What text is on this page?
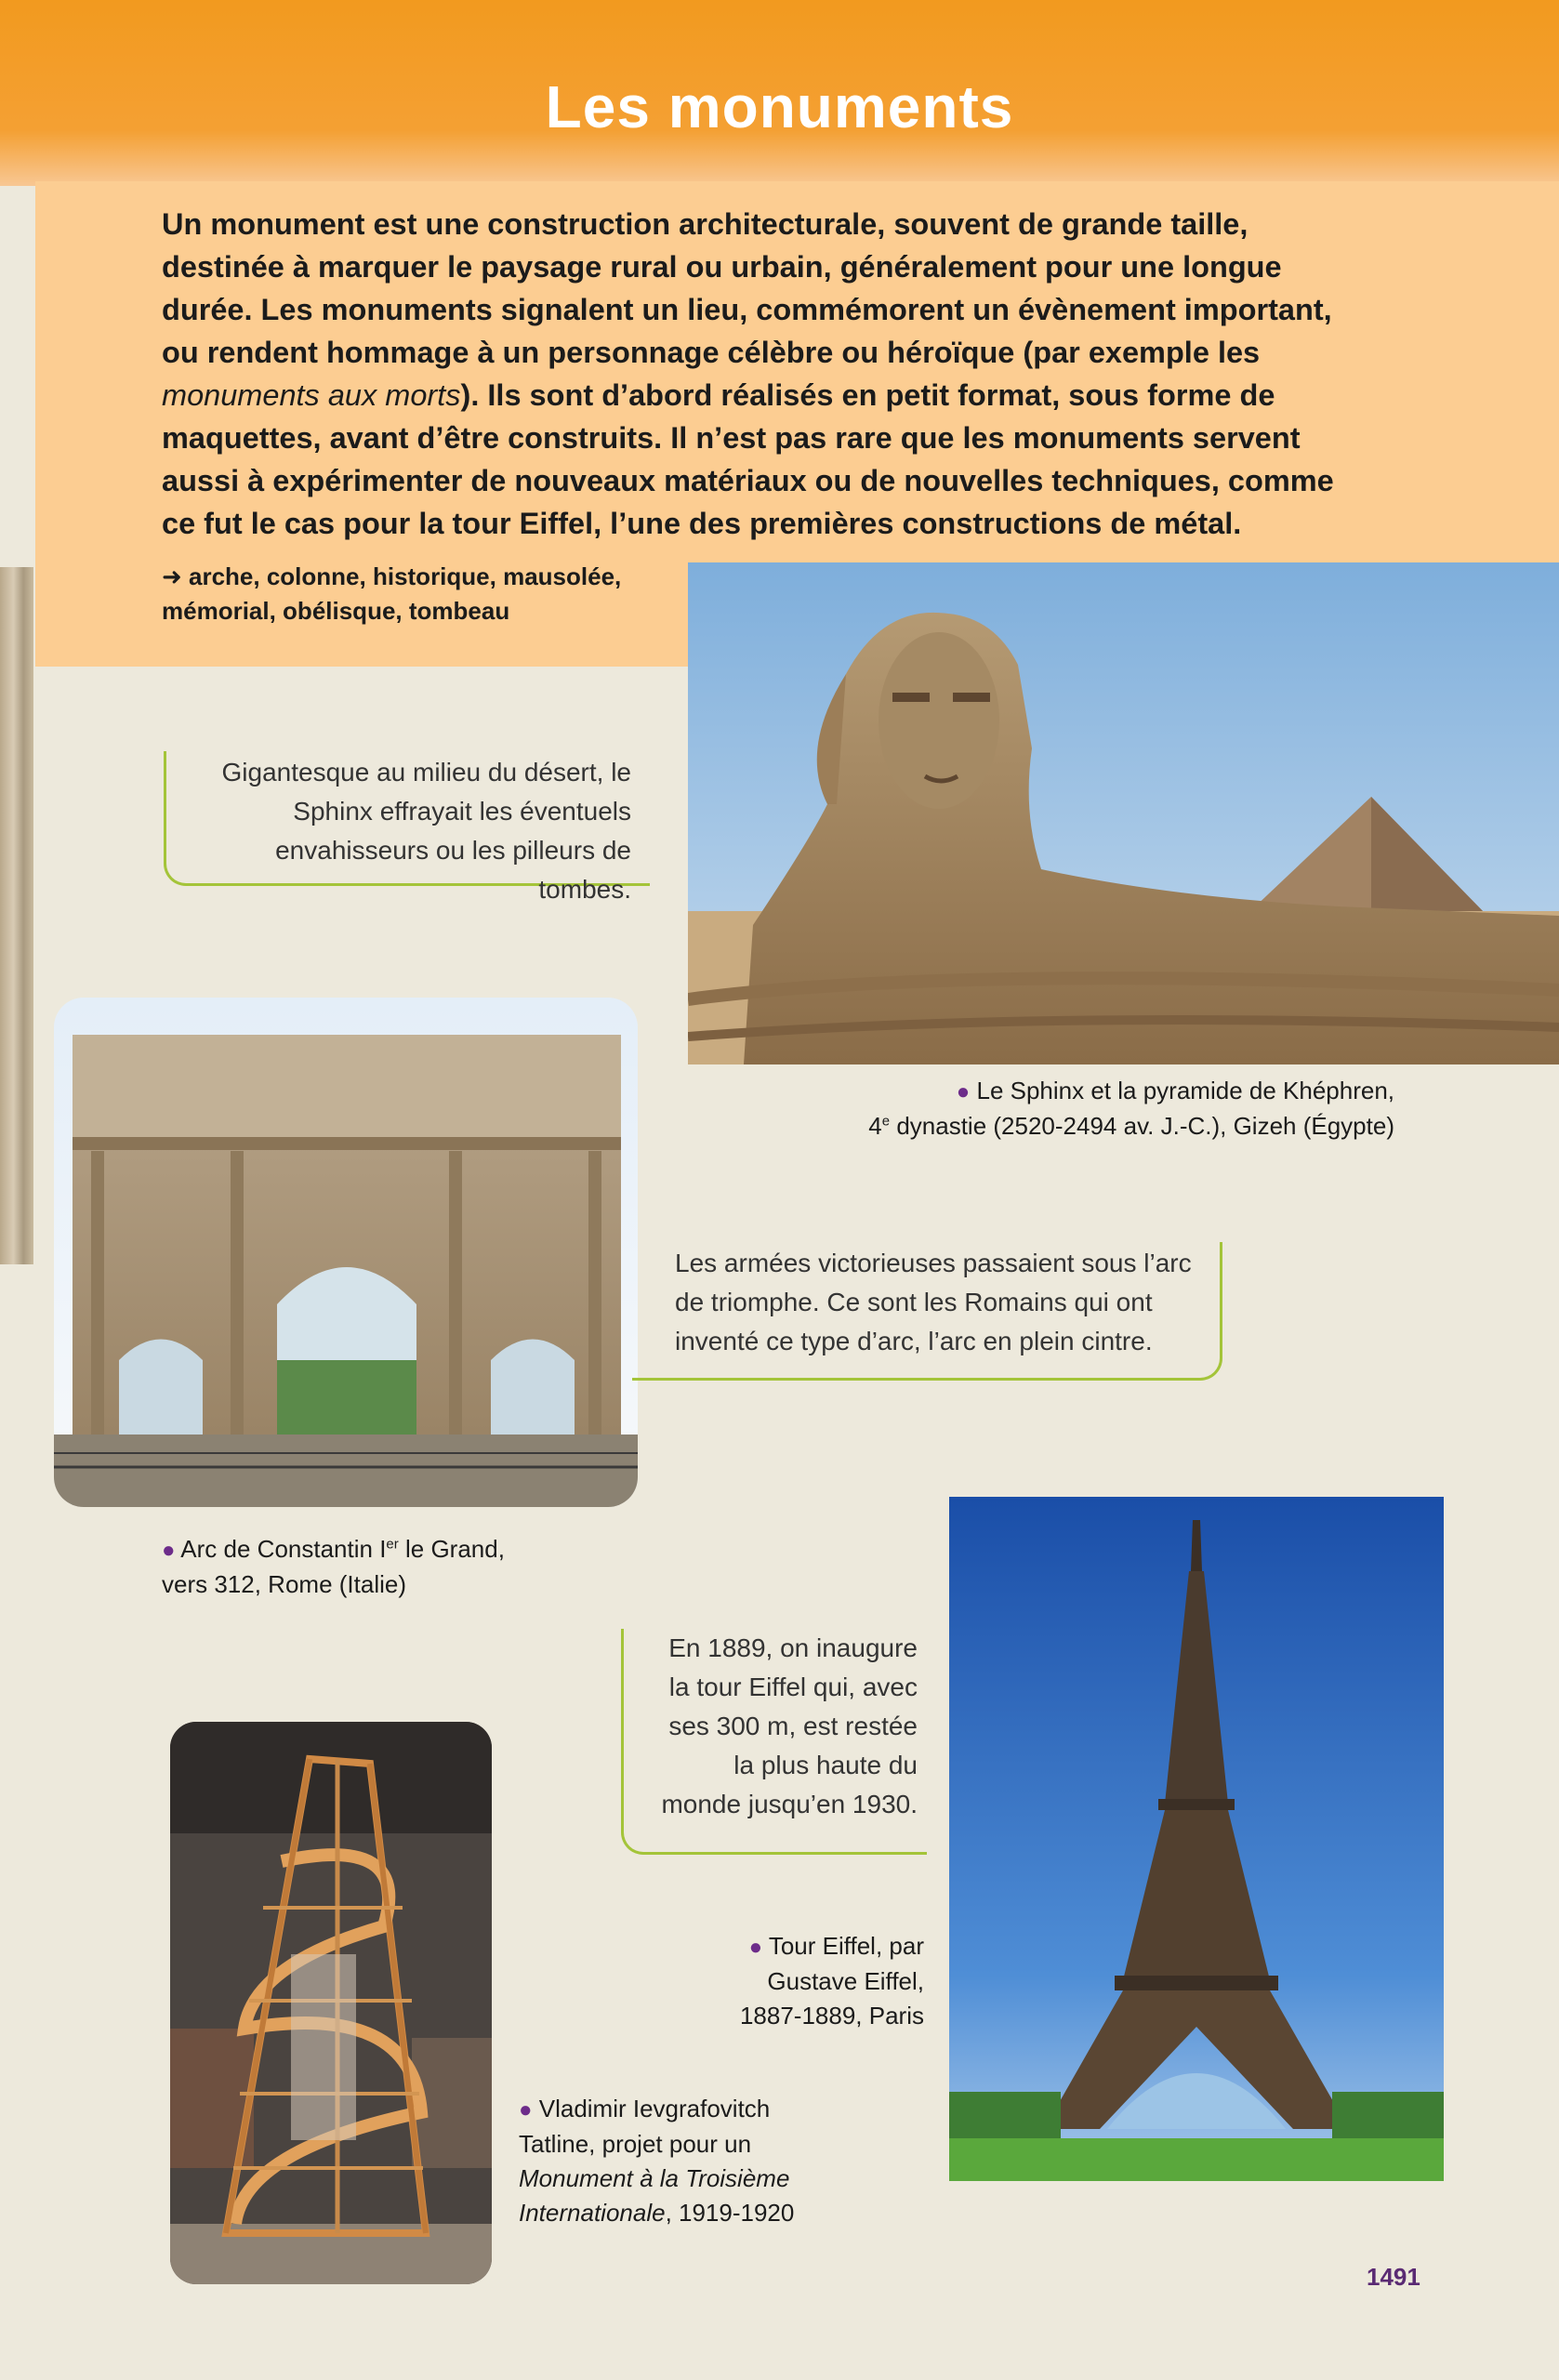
Les monuments
Un monument est une construction architecturale, souvent de grande taille, destinée à marquer le paysage rural ou urbain, généralement pour une longue durée. Les monuments signalent un lieu, commémorent un évènement important, ou rendent hommage à un personnage célèbre ou héroïque (par exemple les monuments aux morts). Ils sont d’abord réalisés en petit format, sous forme de maquettes, avant d’être construits. Il n’est pas rare que les monuments servent aussi à expérimenter de nouveaux matériaux ou de nouvelles techniques, comme ce fut le cas pour la tour Eiffel, l’une des premières constructions de métal.
➜ arche, colonne, historique, mausolée, mémorial, obélisque, tombeau
Gigantesque au milieu du désert, le Sphinx effrayait les éventuels envahisseurs ou les pilleurs de tombes.
● Le Sphinx et la pyramide de Khéphren,
4e dynastie (2520-2494 av. J.-C.), Gizeh (Égypte)
Les armées victorieuses passaient sous l’arc de triomphe. Ce sont les Romains qui ont inventé ce type d’arc, l’arc en plein cintre.
● Arc de Constantin Ier le Grand,
vers 312, Rome (Italie)
En 1889, on inaugure la tour Eiffel qui, avec ses 300 m, est restée la plus haute du monde jusqu’en 1930.
● Tour Eiffel, par
Gustave Eiffel,
1887-1889, Paris
● Vladimir Ievgrafovitch
Tatline, projet pour un
Monument à la Troisième
Internationale, 1919-1920
1491
